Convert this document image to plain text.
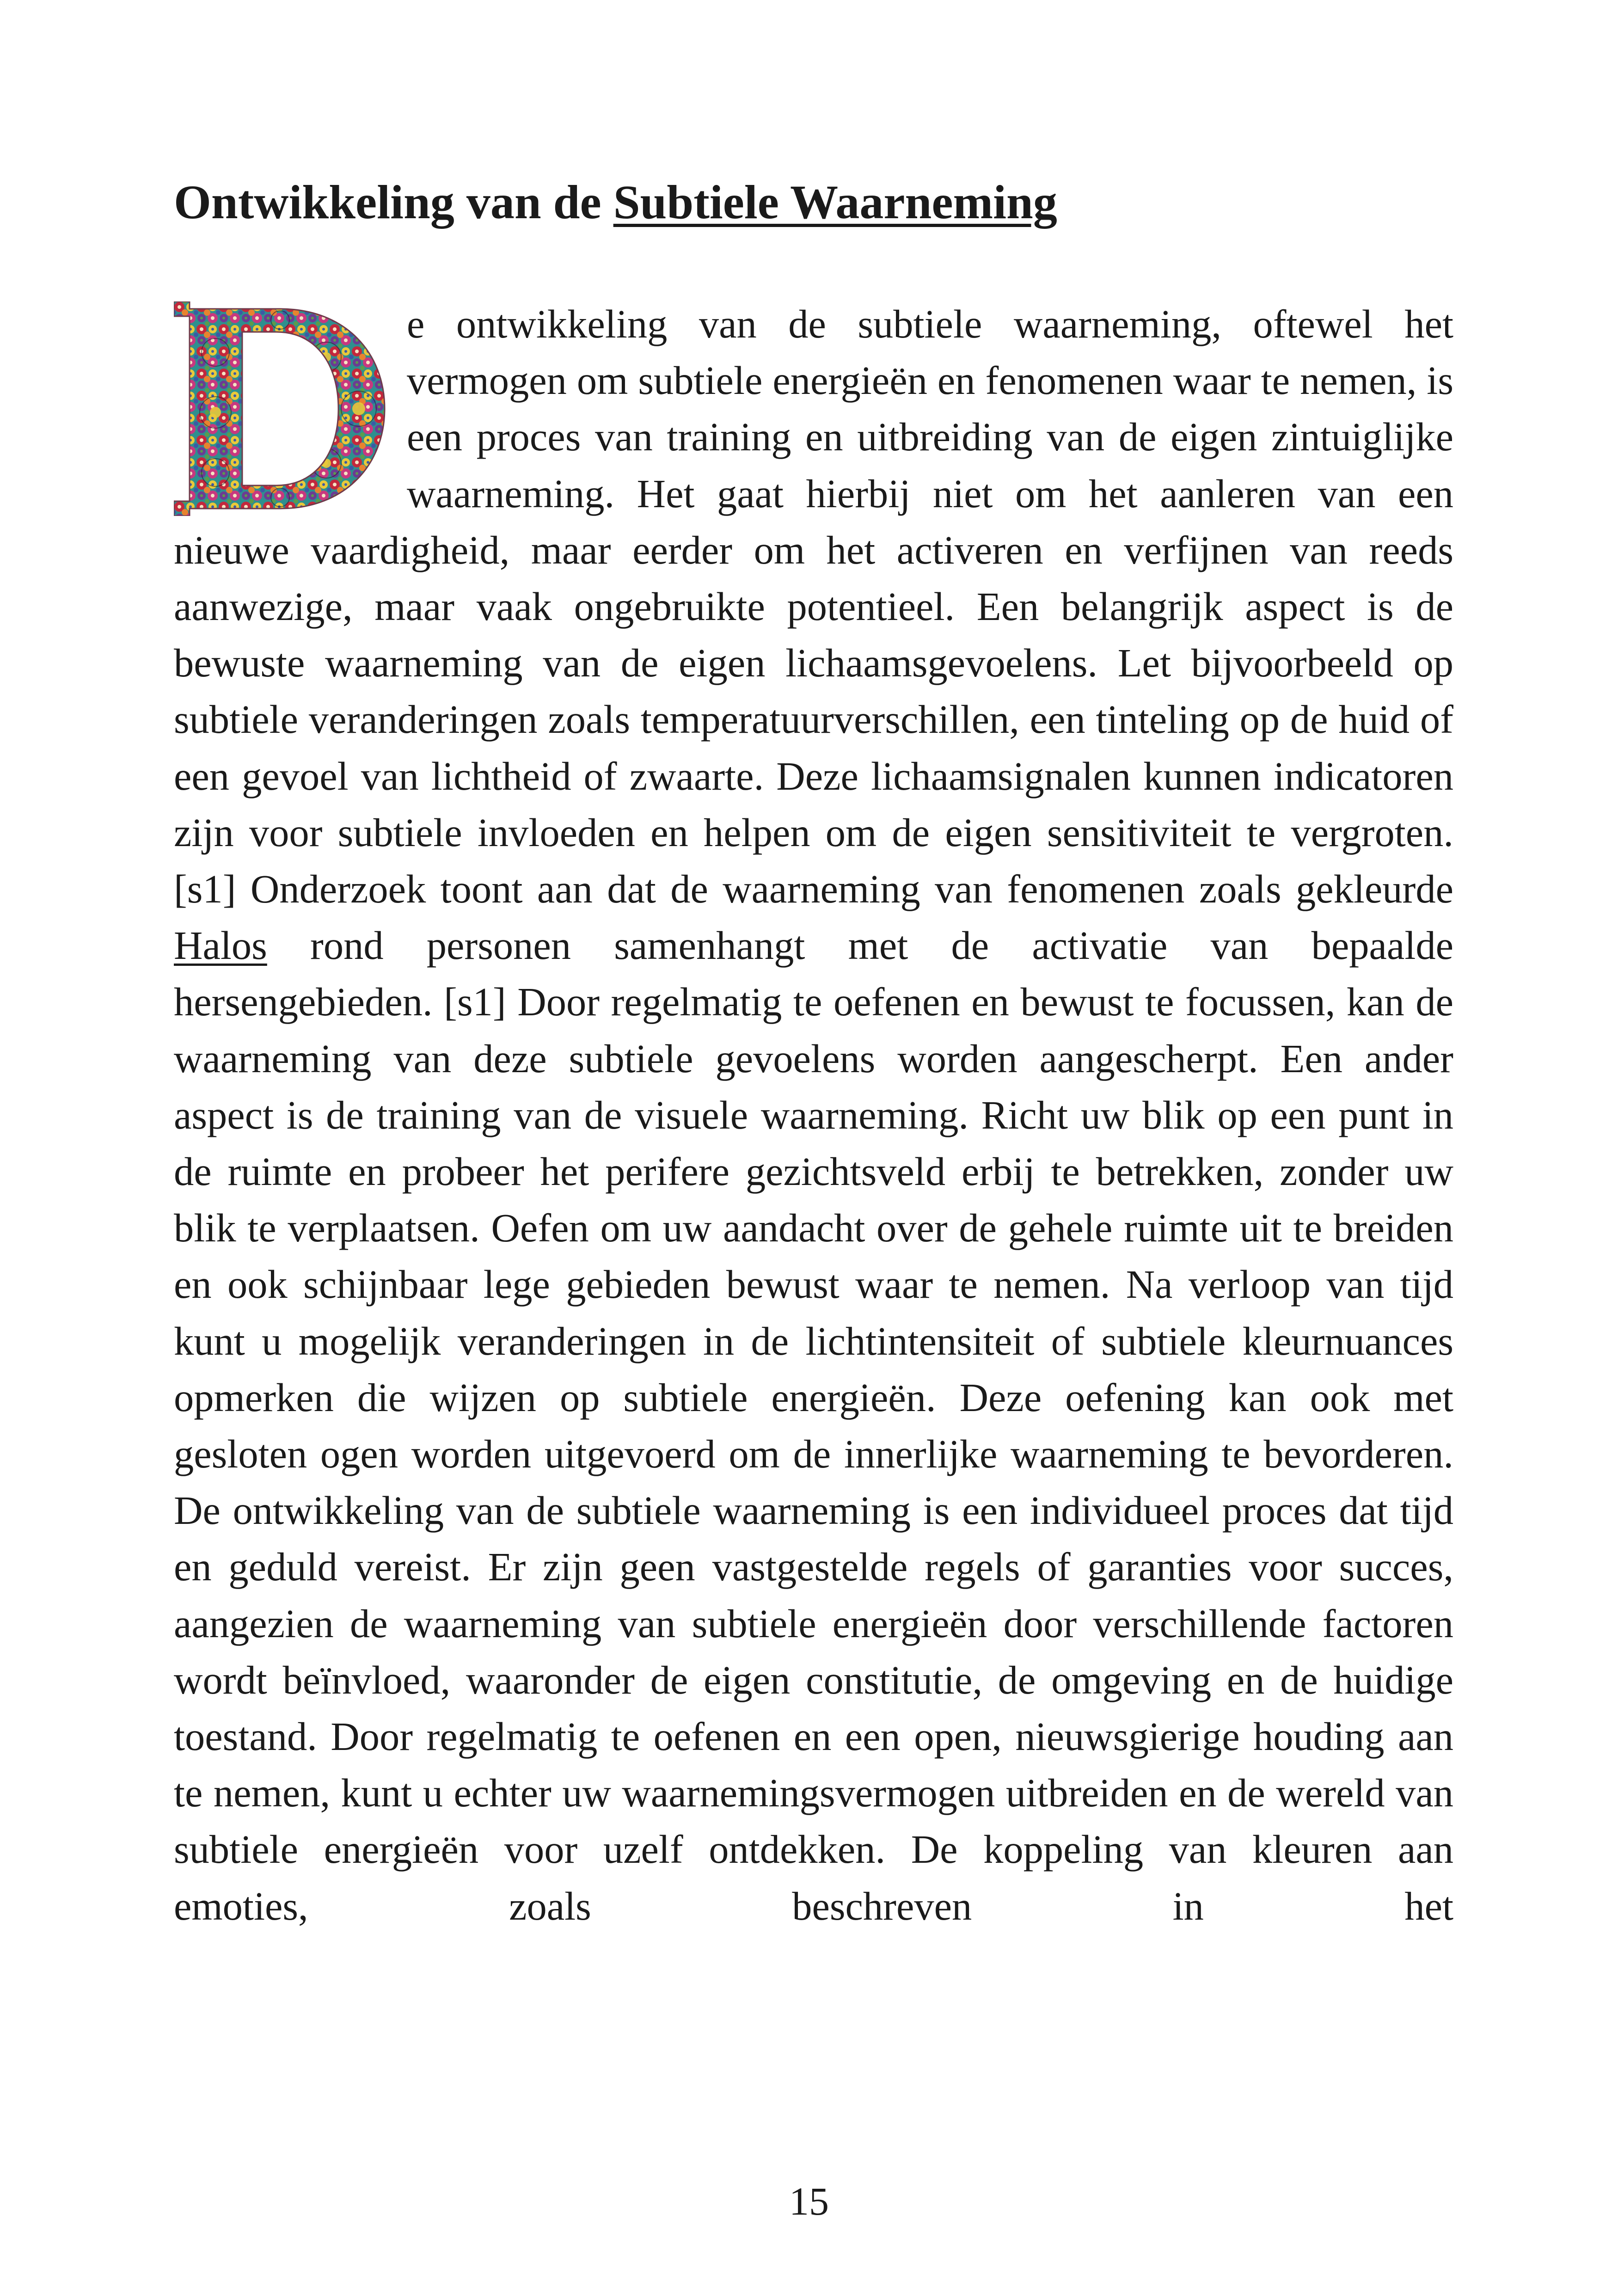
Ontwikkeling van de Subtiele Waarneming

e ontwikkeling van de subtiele waarneming, oftewel het vermogen om subtiele energieën en fenomenen waar te nemen, is een proces van training en uitbreiding van de eigen zintuiglijke waarneming. Het gaat hierbij niet om het aanleren van een nieuwe vaardigheid, maar eerder om het activeren en verfijnen van reeds aanwezige, maar vaak ongebruikte potentieel. Een belangrijk aspect is de bewuste waarneming van de eigen lichaamsgevoelens. Let bijvoorbeeld op subtiele veranderingen zoals temperatuurverschillen, een tinteling op de huid of een gevoel van lichtheid of zwaarte. Deze lichaamsignalen kunnen indicatoren zijn voor subtiele invloeden en helpen om de eigen sensitiviteit te vergroten. [s1] Onderzoek toont aan dat de waarneming van fenomenen zoals gekleurde Halos rond personen samenhangt met de activatie van bepaalde hersengebieden. [s1] Door regelmatig te oefenen en bewust te focussen, kan de waarneming van deze subtiele gevoelens worden aangescherpt. Een ander aspect is de training van de visuele waarneming. Richt uw blik op een punt in de ruimte en probeer het perifere gezichtsveld erbij te betrekken, zonder uw blik te verplaatsen. Oefen om uw aandacht over de gehele ruimte uit te breiden en ook schijnbaar lege gebieden bewust waar te nemen. Na verloop van tijd kunt u mogelijk veranderingen in de lichtintensiteit of subtiele kleurnuances opmerken die wijzen op subtiele energieën. Deze oefening kan ook met gesloten ogen worden uitgevoerd om de innerlijke waarneming te bevorderen. De ontwikkeling van de subtiele waarneming is een individueel proces dat tijd en geduld vereist. Er zijn geen vastgestelde regels of garanties voor succes, aangezien de waarneming van subtiele energieën door verschillende factoren wordt beïnvloed, waaronder de eigen constitutie, de omgeving en de huidige toestand. Door regelmatig te oefenen en een open, nieuwsgierige houding aan te nemen, kunt u echter uw waarnemingsvermogen uitbreiden en de wereld van subtiele energieën voor uzelf ontdekken. De koppeling van kleuren aan emoties, zoals beschreven in het

15
